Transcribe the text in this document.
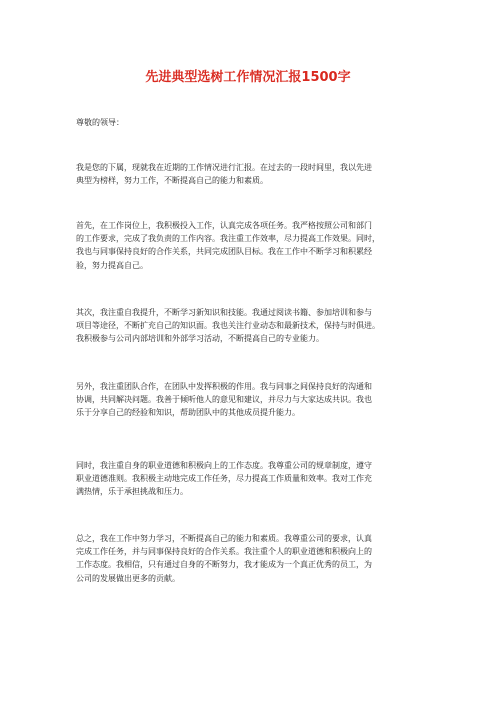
先进典型选树工作情况汇报1500字
尊敬的领导：
我是您的下属，现就我在近期的工作情况进行汇报。在过去的一段时间里，我以先进
典型为榜样，努力工作，不断提高自己的能力和素质。
首先，在工作岗位上，我积极投入工作，认真完成各项任务。我严格按照公司和部门
的工作要求，完成了我负责的工作内容。我注重工作效率，尽力提高工作效果。同时，
我也与同事保持良好的合作关系，共同完成团队目标。我在工作中不断学习和积累经
验，努力提高自己。
其次，我注重自我提升，不断学习新知识和技能。我通过阅读书籍、参加培训和参与
项目等途径，不断扩充自己的知识面。我也关注行业动态和最新技术，保持与时俱进。
我积极参与公司内部培训和外部学习活动，不断提高自己的专业能力。
另外，我注重团队合作，在团队中发挥积极的作用。我与同事之间保持良好的沟通和
协调，共同解决问题。我善于倾听他人的意见和建议，并尽力与大家达成共识。我也
乐于分享自己的经验和知识，帮助团队中的其他成员提升能力。
同时，我注重自身的职业道德和积极向上的工作态度。我尊重公司的规章制度，遵守
职业道德准则。我积极主动地完成工作任务，尽力提高工作质量和效率。我对工作充
满热情，乐于承担挑战和压力。
总之，我在工作中努力学习，不断提高自己的能力和素质。我尊重公司的要求，认真
完成工作任务，并与同事保持良好的合作关系。我注重个人的职业道德和积极向上的
工作态度。我相信，只有通过自身的不断努力，我才能成为一个真正优秀的员工，为
公司的发展做出更多的贡献。
